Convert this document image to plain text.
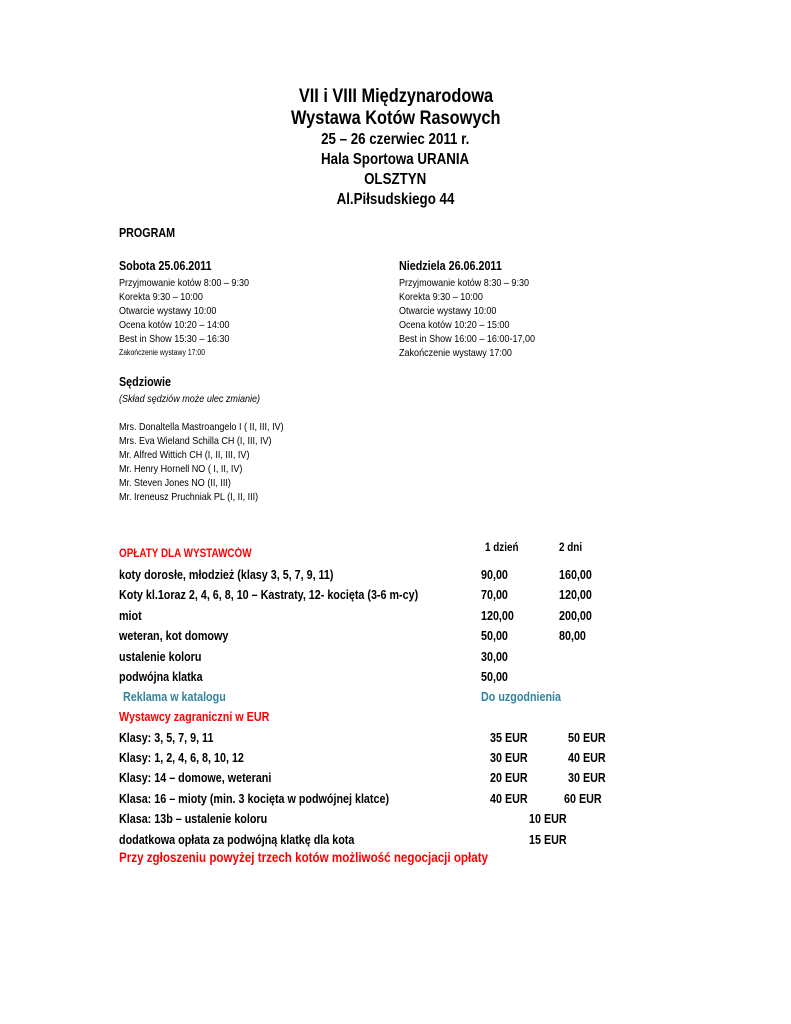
VII i VIII Międzynarodowa
Wystawa Kotów Rasowych
25 – 26 czerwiec 2011 r.
Hala Sportowa URANIA
OLSZTYN
Al.Piłsudskiego 44
PROGRAM
Sobota 25.06.2011
Przyjmowanie kotów 8:00 – 9:30
Korekta 9:30 – 10:00
Otwarcie wystawy 10:00
Ocena kotów 10:20 – 14:00
Best in Show 15:30 – 16:30
Zakończenie wystawy 17:00
Niedziela 26.06.2011
Przyjmowanie kotów 8:30 – 9:30
Korekta 9:30 – 10:00
Otwarcie wystawy 10:00
Ocena kotów 10:20 – 15:00
Best in Show 16:00 – 16:00-17,00
Zakończenie wystawy 17:00
Sędziowie
(Skład sędziów może ulec zmianie)
Mrs. Donaltella Mastroangelo I ( II, III, IV)
Mrs. Eva Wieland Schilla CH (I, III, IV)
Mr. Alfred Wittich CH (I, II, III, IV)
Mr. Henry Hornell NO ( I, II, IV)
Mr. Steven Jones NO (II, III)
Mr. Ireneusz Pruchniak PL (I, II, III)
OPŁATY DLA WYSTAWCÓW	1 dzień	2 dni
koty dorosłe, młodzież (klasy 3, 5, 7, 9, 11)	90,00	160,00
Koty kl.1oraz 2, 4, 6, 8, 10 – Kastraty, 12- kocięta (3-6 m-cy)	70,00	120,00
miot	120,00	200,00
weteran, kot domowy	50,00	80,00
ustalenie koloru	30,00
podwójna klatka	50,00
Reklama w katalogu	Do uzgodnienia
Wystawcy zagraniczni w EUR
Klasy: 3, 5, 7, 9, 11	35 EUR	50 EUR
Klasy: 1, 2, 4, 6, 8, 10, 12	30 EUR	40 EUR
Klasy: 14 – domowe, weterani	20 EUR	30 EUR
Klasa: 16 – mioty (min. 3 kocięta w podwójnej klatce)	40 EUR	60 EUR
Klasa: 13b – ustalenie koloru	10 EUR
dodatkowa opłata za podwójną klatkę dla kota	15 EUR
Przy zgłoszeniu powyżej trzech kotów możliwość negocjacji opłaty
